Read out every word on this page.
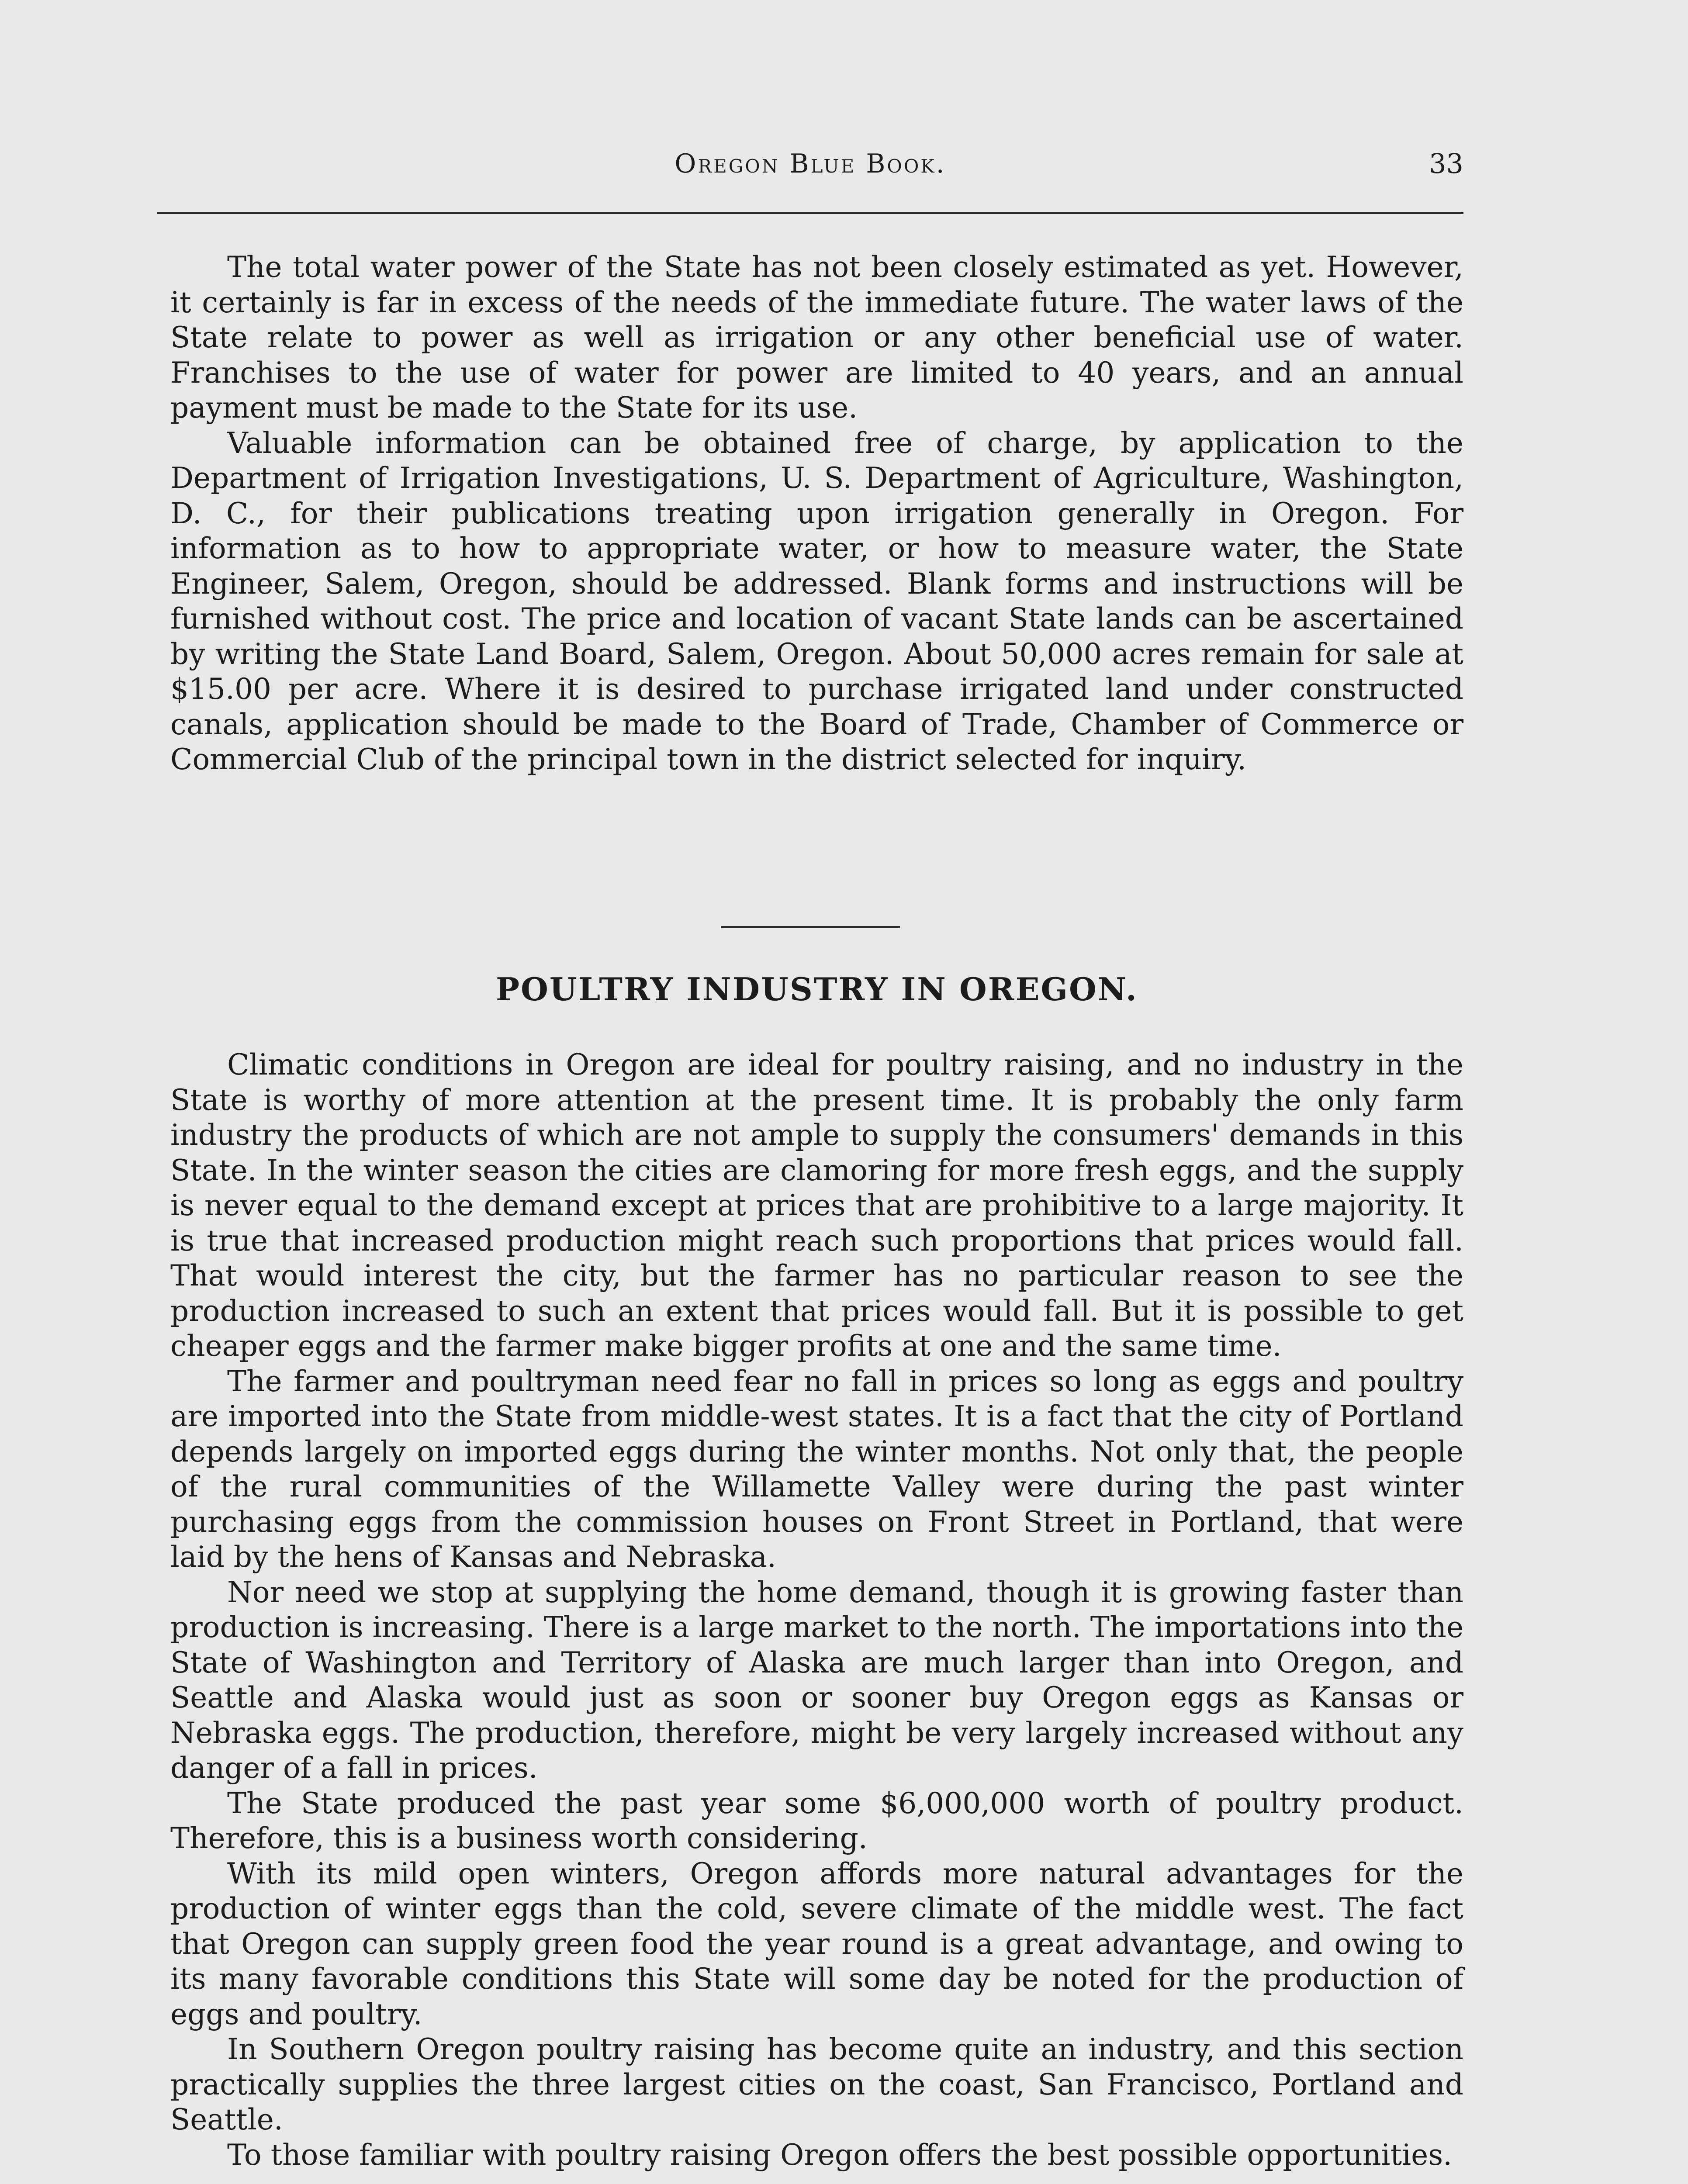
Oregon Blue Book.	33

The total water power of the State has not been closely estimated as yet. However, it certainly is far in excess of the needs of the immediate future. The water laws of the State relate to power as well as irrigation or any other beneficial use of water. Franchises to the use of water for power are limited to 40 years, and an annual payment must be made to the State for its use.

Valuable information can be obtained free of charge, by application to the Department of Irrigation Investigations, U. S. Department of Agriculture, Washington, D. C., for their publications treating upon irrigation generally in Oregon. For information as to how to appropriate water, or how to measure water, the State Engineer, Salem, Oregon, should be addressed. Blank forms and instructions will be furnished without cost. The price and location of vacant State lands can be ascertained by writing the State Land Board, Salem, Oregon. About 50,000 acres remain for sale at $15.00 per acre. Where it is desired to purchase irrigated land under constructed canals, application should be made to the Board of Trade, Chamber of Commerce or Commercial Club of the principal town in the district selected for inquiry.

POULTRY INDUSTRY IN OREGON.

Climatic conditions in Oregon are ideal for poultry raising, and no industry in the State is worthy of more attention at the present time. It is probably the only farm industry the products of which are not ample to supply the consumers' demands in this State. In the winter season the cities are clamoring for more fresh eggs, and the supply is never equal to the demand except at prices that are prohibitive to a large majority. It is true that increased production might reach such proportions that prices would fall. That would interest the city, but the farmer has no particular reason to see the production increased to such an extent that prices would fall. But it is possible to get cheaper eggs and the farmer make bigger profits at one and the same time.

The farmer and poultryman need fear no fall in prices so long as eggs and poultry are imported into the State from middle-west states. It is a fact that the city of Portland depends largely on imported eggs during the winter months. Not only that, the people of the rural communities of the Willamette Valley were during the past winter purchasing eggs from the commission houses on Front Street in Portland, that were laid by the hens of Kansas and Nebraska.

Nor need we stop at supplying the home demand, though it is growing faster than production is increasing. There is a large market to the north. The importations into the State of Washington and Territory of Alaska are much larger than into Oregon, and Seattle and Alaska would just as soon or sooner buy Oregon eggs as Kansas or Nebraska eggs. The production, therefore, might be very largely increased without any danger of a fall in prices.

The State produced the past year some $6,000,000 worth of poultry product. Therefore, this is a business worth considering.

With its mild open winters, Oregon affords more natural advantages for the production of winter eggs than the cold, severe climate of the middle west. The fact that Oregon can supply green food the year round is a great advantage, and owing to its many favorable conditions this State will some day be noted for the production of eggs and poultry.

In Southern Oregon poultry raising has become quite an industry, and this section practically supplies the three largest cities on the coast, San Francisco, Portland and Seattle.

To those familiar with poultry raising Oregon offers the best possible opportunities.
